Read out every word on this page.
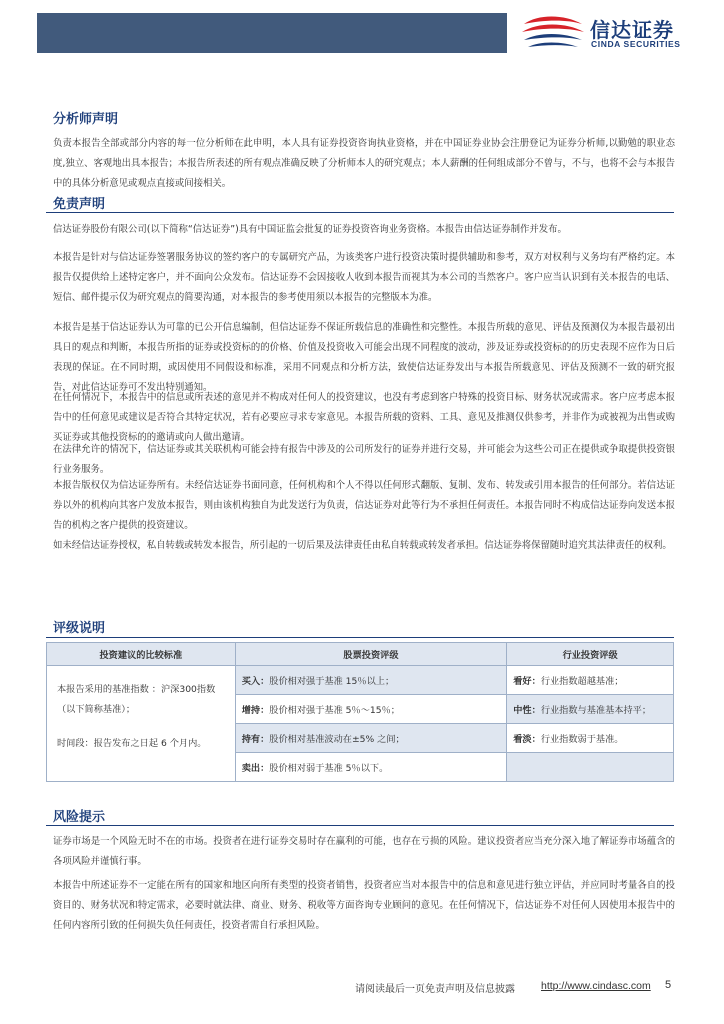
信达证券
CINDA SECURITIES
分析师声明
负责本报告全部或部分内容的每一位分析师在此申明，本人具有证券投资咨询执业资格，并在中国证券业协会注册登记为证券分析师,以勤勉的职业态度,独立、客观地出具本报告；本报告所表述的所有观点准确反映了分析师本人的研究观点；本人薪酬的任何组成部分不曾与，不与，也将不会与本报告中的具体分析意见或观点直接或间接相关。
免责声明
信达证券股份有限公司(以下简称“信达证券”)具有中国证监会批复的证券投资咨询业务资格。本报告由信达证券制作并发布。
本报告是针对与信达证券签署服务协议的签约客户的专属研究产品，为该类客户进行投资决策时提供辅助和参考，双方对权利与义务均有严格约定。本报告仅提供给上述特定客户，并不面向公众发布。信达证券不会因接收人收到本报告而视其为本公司的当然客户。客户应当认识到有关本报告的电话、短信、邮件提示仅为研究观点的简要沟通，对本报告的参考使用须以本报告的完整版本为准。
本报告是基于信达证券认为可靠的已公开信息编制，但信达证券不保证所载信息的准确性和完整性。本报告所载的意见、评估及预测仅为本报告最初出具日的观点和判断，本报告所指的证券或投资标的的价格、价值及投资收入可能会出现不同程度的波动，涉及证券或投资标的的历史表现不应作为日后表现的保证。在不同时期，或因使用不同假设和标准，采用不同观点和分析方法，致使信达证券发出与本报告所载意见、评估及预测不一致的研究报告，对此信达证券可不发出特别通知。
在任何情况下，本报告中的信息或所表述的意见并不构成对任何人的投资建议，也没有考虑到客户特殊的投资目标、财务状况或需求。客户应考虑本报告中的任何意见或建议是否符合其特定状况，若有必要应寻求专家意见。本报告所载的资料、工具、意见及推测仅供参考，并非作为或被视为出售或购买证券或其他投资标的的邀请或向人做出邀请。
在法律允许的情况下，信达证券或其关联机构可能会持有报告中涉及的公司所发行的证券并进行交易，并可能会为这些公司正在提供或争取提供投资银行业务服务。
本报告版权仅为信达证券所有。未经信达证券书面同意，任何机构和个人不得以任何形式翻版、复制、发布、转发或引用本报告的任何部分。若信达证券以外的机构向其客户发放本报告，则由该机构独自为此发送行为负责，信达证券对此等行为不承担任何责任。本报告同时不构成信达证券向发送本报告的机构之客户提供的投资建议。
如未经信达证券授权，私自转载或转发本报告，所引起的一切后果及法律责任由私自转载或转发者承担。信达证券将保留随时追究其法律责任的权利。
评级说明
投资建议的比较标准	股票投资评级	行业投资评级

本报告采用的基准指数 ：沪深300指数（以下简称基准）；
时间段：报告发布之日起 6 个月内。	买入：股价相对强于基准 15％以上；	看好：行业指数超越基准；
	增持：股价相对强于基准 5％～15％；	中性：行业指数与基准基本持平；
	持有：股价相对基准波动在±5% 之间；	看淡：行业指数弱于基准。
	卖出：股价相对弱于基准 5％以下。	
风险提示
证券市场是一个风险无时不在的市场。投资者在进行证券交易时存在赢利的可能，也存在亏损的风险。建议投资者应当充分深入地了解证券市场蕴含的各项风险并谨慎行事。
本报告中所述证券不一定能在所有的国家和地区向所有类型的投资者销售，投资者应当对本报告中的信息和意见进行独立评估，并应同时考量各自的投资目的、财务状况和特定需求，必要时就法律、商业、财务、税收等方面咨询专业顾问的意见。在任何情况下，信达证券不对任何人因使用本报告中的任何内容所引致的任何损失负任何责任，投资者需自行承担风险。
请阅读最后一页免责声明及信息披露 http://www.cindasc.com 5
